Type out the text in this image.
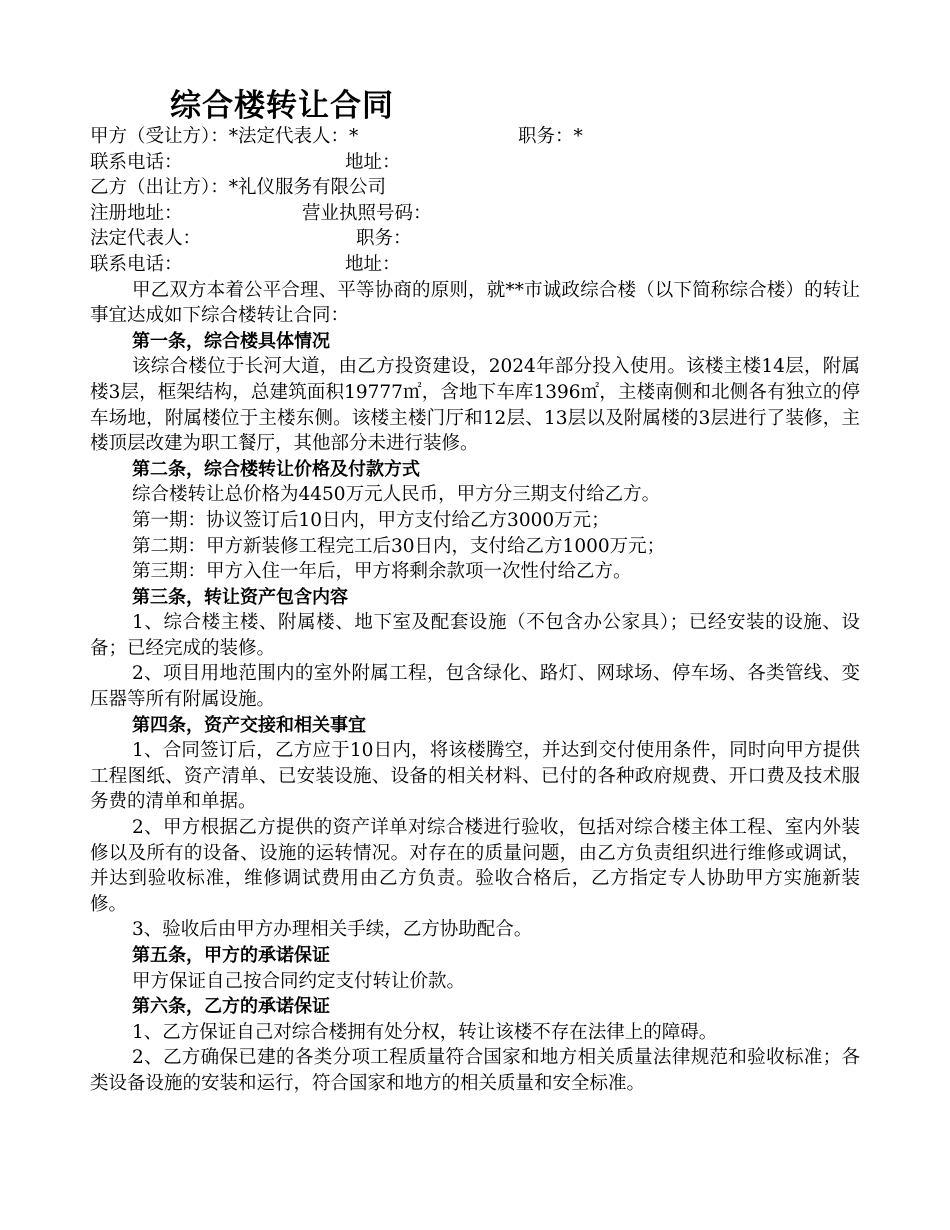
综合楼转让合同
甲方（受让方）：*法定代表人：*	职务：*
联系电话：	地址：
乙方（出让方）：*礼仪服务有限公司
注册地址：	营业执照号码：
法定代表人：	职务：
联系电话：	地址：

甲乙双方本着公平合理、平等协商的原则，就**市诚政综合楼（以下简称综合楼）的转让事宜达成如下综合楼转让合同：

第一条，综合楼具体情况

该综合楼位于长河大道，由乙方投资建设，2024年部分投入使用。该楼主楼14层，附属楼3层，框架结构，总建筑面积19777㎡，含地下车库1396㎡，主楼南侧和北侧各有独立的停车场地，附属楼位于主楼东侧。该楼主楼门厅和12层、13层以及附属楼的3层进行了装修，主楼顶层改建为职工餐厅，其他部分未进行装修。

第二条，综合楼转让价格及付款方式
综合楼转让总价格为4450万元人民币，甲方分三期支付给乙方。
第一期：协议签订后10日内，甲方支付给乙方3000万元；
第二期：甲方新装修工程完工后30日内，支付给乙方1000万元；
第三期：甲方入住一年后，甲方将剩余款项一次性付给乙方。
第三条，转让资产包含内容

1、综合楼主楼、附属楼、地下室及配套设施（不包含办公家具）；已经安装的设施、设备；已经完成的装修。

2、项目用地范围内的室外附属工程，包含绿化、路灯、网球场、停车场、各类管线、变压器等所有附属设施。

第四条，资产交接和相关事宜

1、合同签订后，乙方应于10日内，将该楼腾空，并达到交付使用条件，同时向甲方提供工程图纸、资产清单、已安装设施、设备的相关材料、已付的各种政府规费、开口费及技术服务费的清单和单据。

2、甲方根据乙方提供的资产详单对综合楼进行验收，包括对综合楼主体工程、室内外装修以及所有的设备、设施的运转情况。对存在的质量问题，由乙方负责组织进行维修或调试，并达到验收标准，维修调试费用由乙方负责。验收合格后，乙方指定专人协助甲方实施新装修。

3、验收后由甲方办理相关手续，乙方协助配合。

第五条，甲方的承诺保证

甲方保证自己按合同约定支付转让价款。

第六条，乙方的承诺保证

1、乙方保证自己对综合楼拥有处分权，转让该楼不存在法律上的障碍。

2、乙方确保已建的各类分项工程质量符合国家和地方相关质量法律规范和验收标准；各类设备设施的安装和运行，符合国家和地方的相关质量和安全标准。
